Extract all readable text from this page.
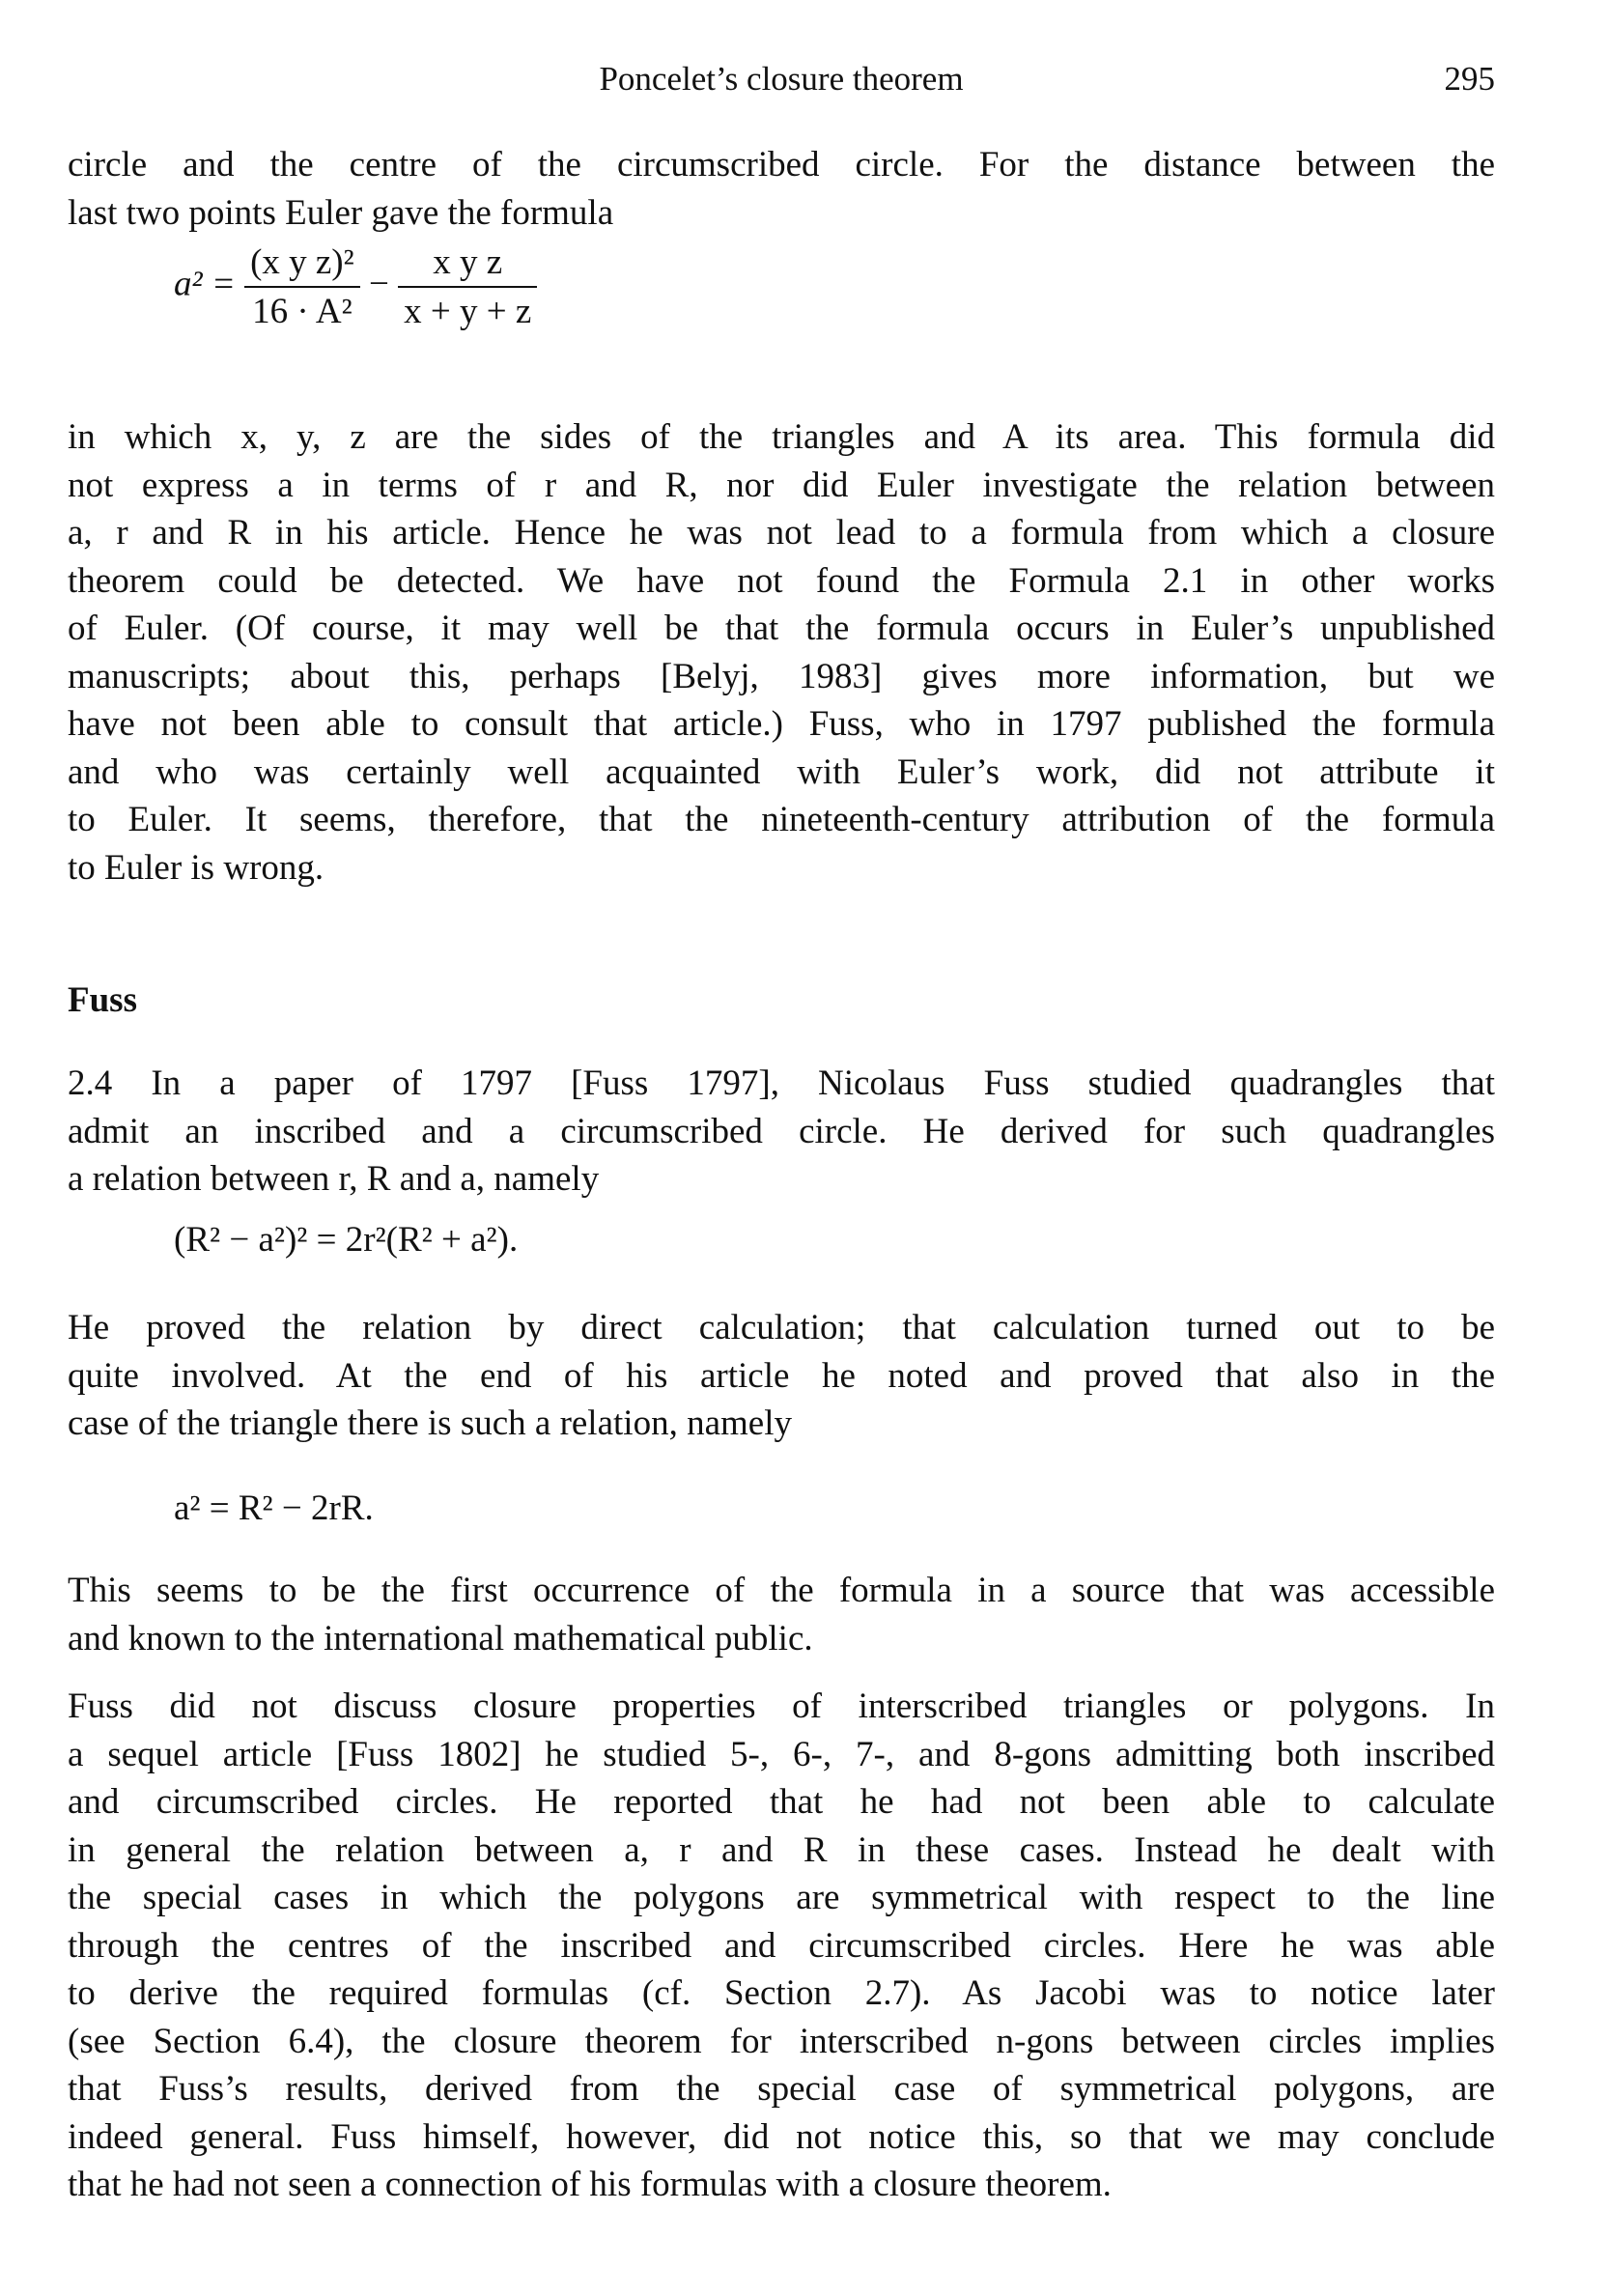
Poncelet’s closure theorem	295

circle and the centre of the circumscribed circle. For the distance between the
last two points Euler gave the formula

$a^2 = \frac{\text{(x y z)²}}{\text{16 · A²}} - \frac{\text{x y z}}{x + y + z}$

in which x, y, z are the sides of the triangles and A its area. This formula did
not express a in terms of r and R, nor did Euler investigate the relation between
a, r and R in his article. Hence he was not lead to a formula from which a closure
theorem could be detected. We have not found the Formula 2.1 in other works
of Euler. (Of course, it may well be that the formula occurs in Euler’s unpublished
manuscripts; about this, perhaps [Belyj, 1983] gives more information, but we
have not been able to consult that article.) Fuss, who in 1797 published the formula
and who was certainly well acquainted with Euler’s work, did not attribute it
to Euler. It seems, therefore, that the nineteenth-century attribution of the formula
to Euler is wrong.

Fuss

2.4 In a paper of 1797 [Fuss 1797], Nicolaus Fuss studied quadrangles that
admit an inscribed and a circumscribed circle. He derived for such quadrangles
a relation between r, R and a, namely

(R² − a²)² = 2r²(R² + a²).

He proved the relation by direct calculation; that calculation turned out to be
quite involved. At the end of his article he noted and proved that also in the
case of the triangle there is such a relation, namely

a² = R² − 2rR.

This seems to be the first occurrence of the formula in a source that was accessible
and known to the international mathematical public.

Fuss did not discuss closure properties of interscribed triangles or polygons. In
a sequel article [Fuss 1802] he studied 5-, 6-, 7-, and 8-gons admitting both inscribed
and circumscribed circles. He reported that he had not been able to calculate
in general the relation between a, r and R in these cases. Instead he dealt with
the special cases in which the polygons are symmetrical with respect to the line
through the centres of the inscribed and circumscribed circles. Here he was able
to derive the required formulas (cf. Section 2.7). As Jacobi was to notice later
(see Section 6.4), the closure theorem for interscribed n-gons between circles implies
that Fuss’s results, derived from the special case of symmetrical polygons, are
indeed general. Fuss himself, however, did not notice this, so that we may conclude
that he had not seen a connection of his formulas with a closure theorem.
